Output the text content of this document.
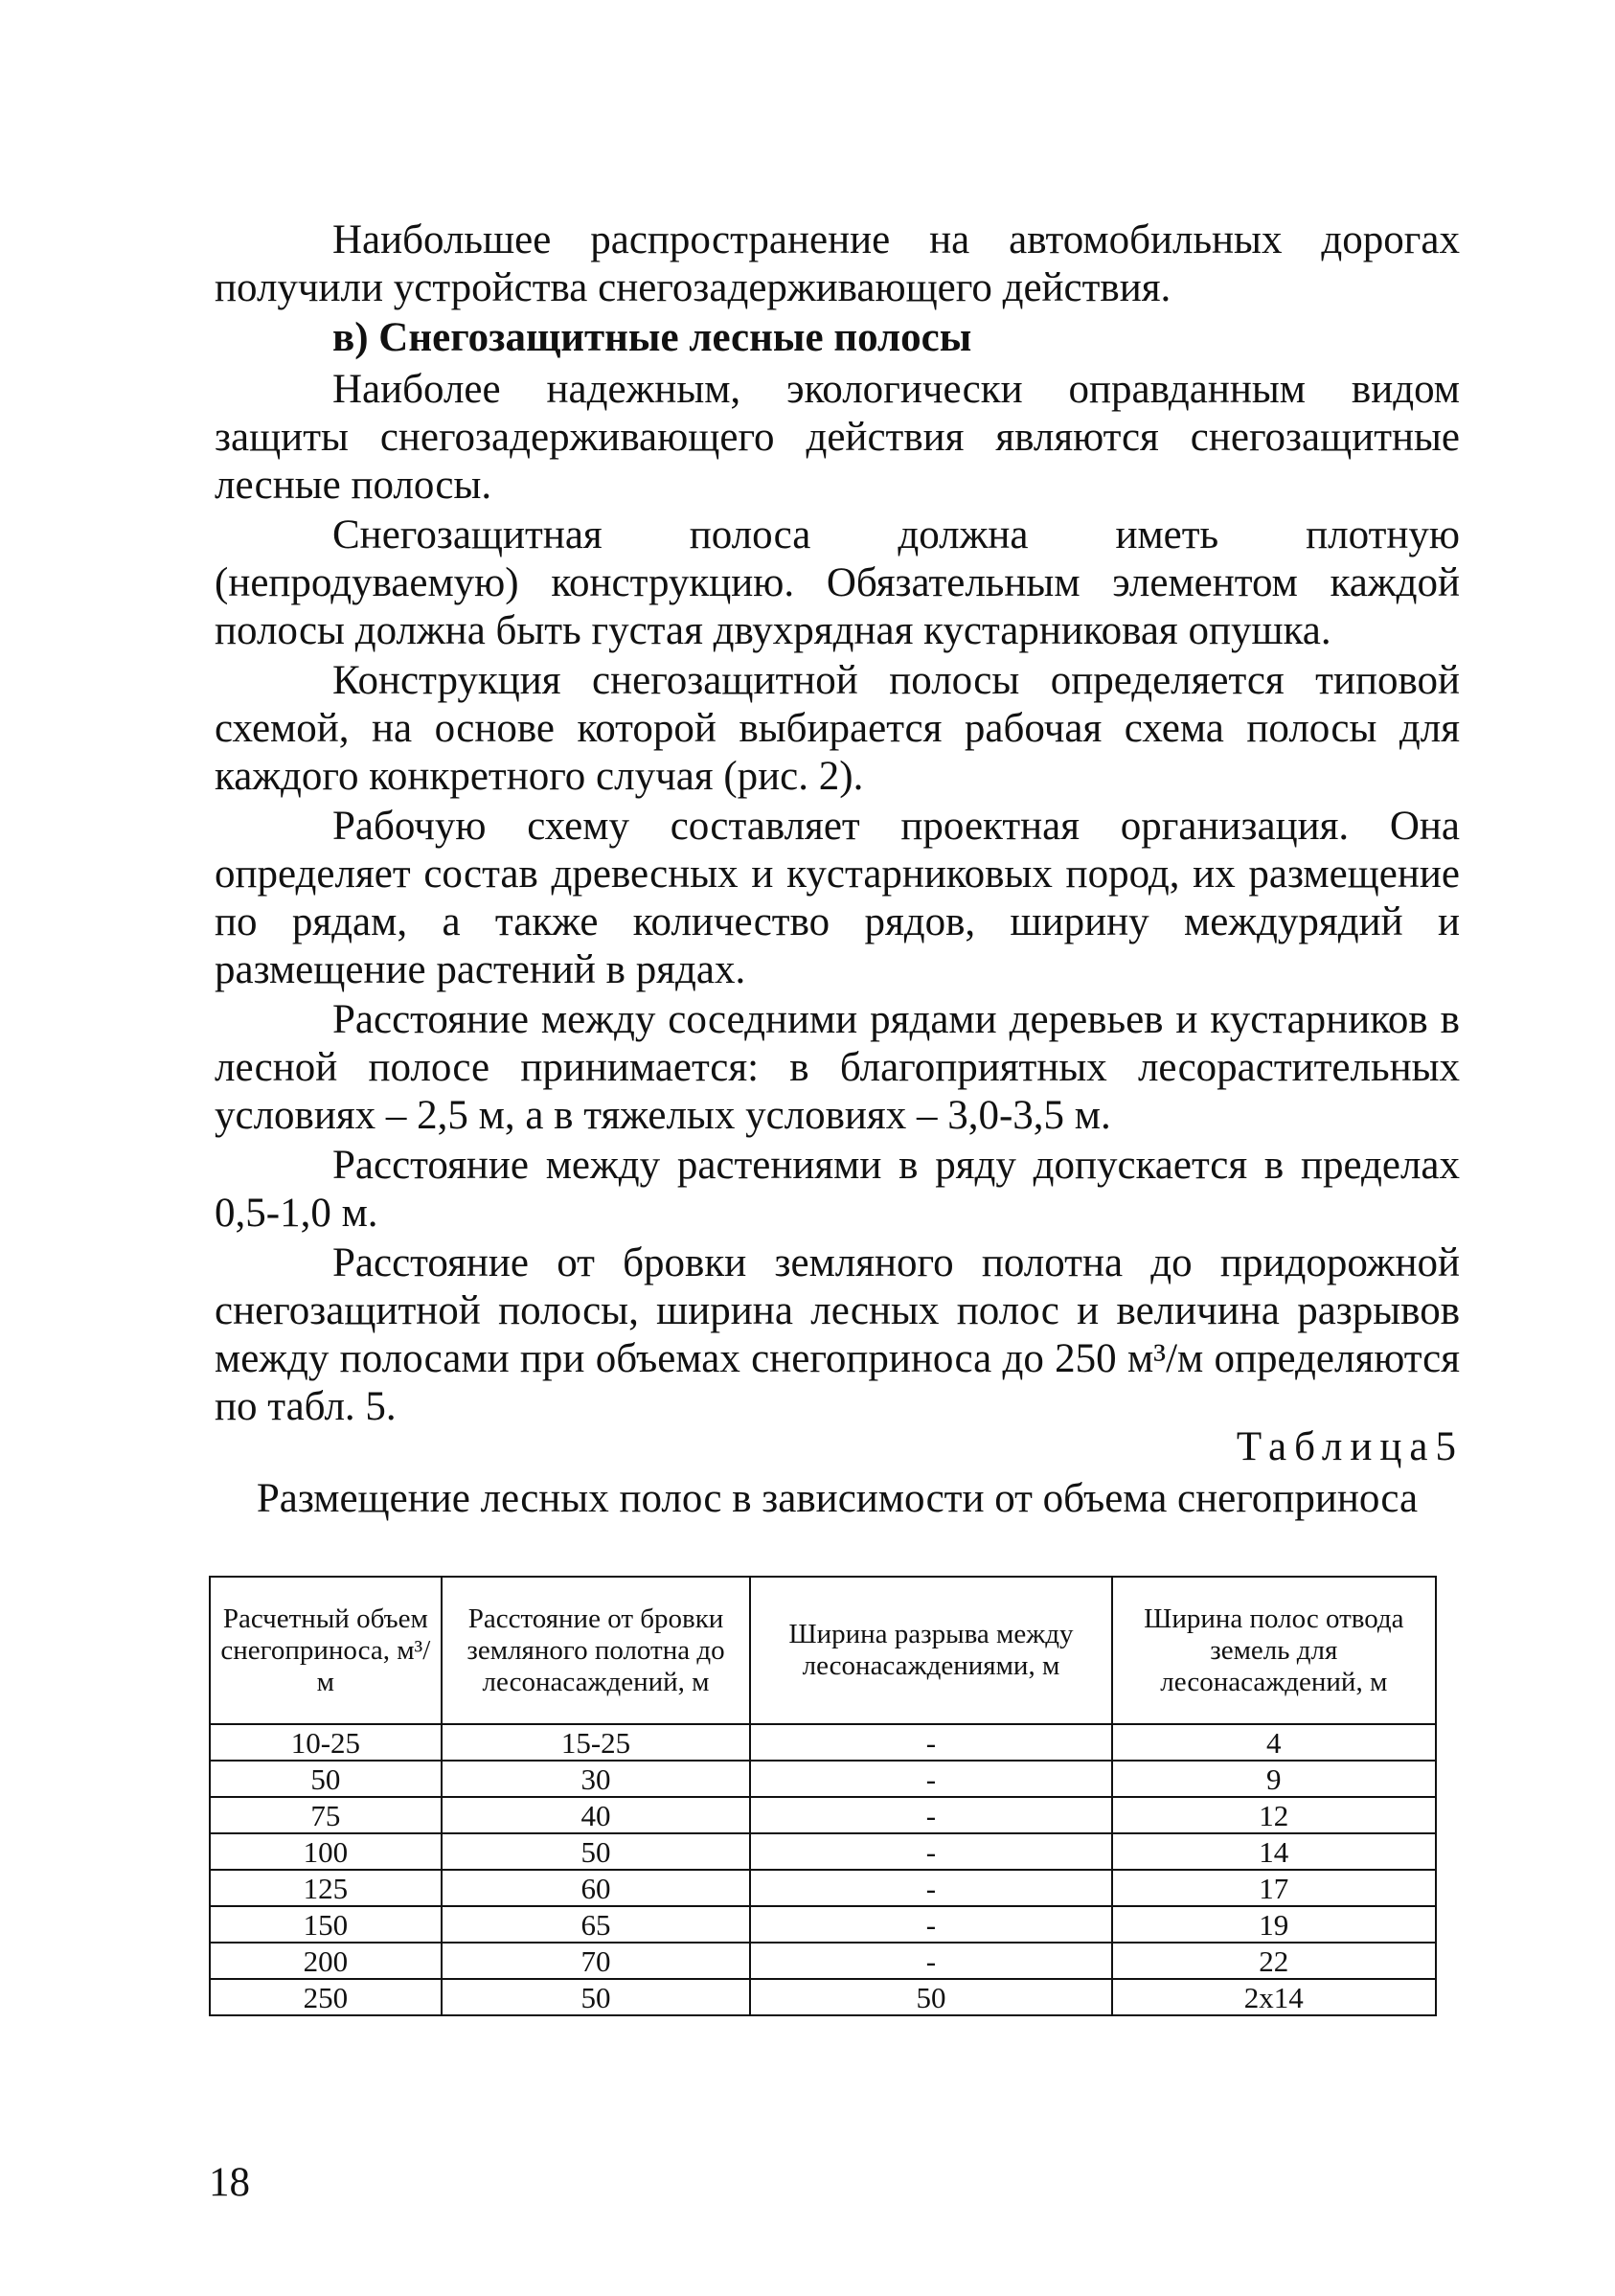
Наибольшее распространение на автомобильных дорогах получили устройства снегозадерживающего действия.

в) Снегозащитные лесные полосы

Наиболее надежным, экологически оправданным видом защиты снегозадерживающего действия являются снегозащитные лесные полосы.

Снегозащитная полоса должна иметь плотную (непродуваемую) конструкцию. Обязательным элементом каждой полосы должна быть густая двухрядная кустарниковая опушка.

Конструкция снегозащитной полосы определяется типовой схемой, на основе которой выбирается рабочая схема полосы для каждого конкретного случая (рис. 2).

Рабочую схему составляет проектная организация. Она определяет состав древесных и кустарниковых пород, их размещение по рядам, а также количество рядов, ширину междурядий и размещение растений в рядах.

Расстояние между соседними рядами деревьев и кустарников в лесной полосе принимается: в благоприятных лесорастительных условиях – 2,5 м, а в тяжелых условиях – 3,0-3,5 м.

Расстояние между растениями в ряду допускается в пределах 0,5-1,0 м.

Расстояние от бровки земляного полотна до придорожной снегозащитной полосы, ширина лесных полос и величина разрывов между полосами при объемах снегоприноса до 250 м³/м определяются по табл. 5.

Таблица5
Размещение лесных полос в зависимости от объема снегоприноса
Расчетный объем снегоприноса, м³/м	Расстояние от бровки земляного полотна до лесонасаждений, м	Ширина разрыва между лесонасаждениями, м	Ширина полос отвода земель для лесонасаждений, м
10-25	15-25	-	4
50	30	-	9
75	40	-	12
100	50	-	14
125	60	-	17
150	65	-	19
200	70	-	22
250	50	50	2x14
18
